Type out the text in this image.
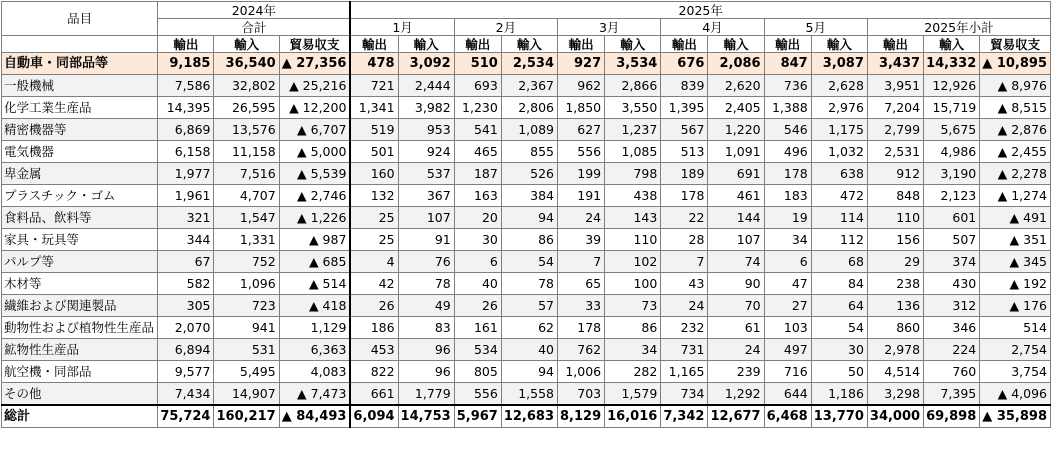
品目	2024年			2025年												
	合計			1月		2月		3月		4月		5月		2025年小計		
	輸出	輸入	貿易収支	輸出	輸入	輸出	輸入	輸出	輸入	輸出	輸入	輸出	輸入	輸出	輸入	貿易収支
自動車・同部品等	9,185	36,540	▲ 27,356	478	3,092	510	2,534	927	3,534	676	2,086	847	3,087	3,437	14,332	▲ 10,895
一般機械	7,586	32,802	▲ 25,216	721	2,444	693	2,367	962	2,866	839	2,620	736	2,628	3,951	12,926	▲ 8,976
化学工業生産品	14,395	26,595	▲ 12,200	1,341	3,982	1,230	2,806	1,850	3,550	1,395	2,405	1,388	2,976	7,204	15,719	▲ 8,515
精密機器等	6,869	13,576	▲ 6,707	519	953	541	1,089	627	1,237	567	1,220	546	1,175	2,799	5,675	▲ 2,876
電気機器	6,158	11,158	▲ 5,000	501	924	465	855	556	1,085	513	1,091	496	1,032	2,531	4,986	▲ 2,455
卑金属	1,977	7,516	▲ 5,539	160	537	187	526	199	798	189	691	178	638	912	3,190	▲ 2,278
プラスチック・ゴム	1,961	4,707	▲ 2,746	132	367	163	384	191	438	178	461	183	472	848	2,123	▲ 1,274
食料品、飲料等	321	1,547	▲ 1,226	25	107	20	94	24	143	22	144	19	114	110	601	▲ 491
家具・玩具等	344	1,331	▲ 987	25	91	30	86	39	110	28	107	34	112	156	507	▲ 351
パルプ等	67	752	▲ 685	4	76	6	54	7	102	7	74	6	68	29	374	▲ 345
木材等	582	1,096	▲ 514	42	78	40	78	65	100	43	90	47	84	238	430	▲ 192
繊維および関連製品	305	723	▲ 418	26	49	26	57	33	73	24	70	27	64	136	312	▲ 176
動物性および植物性生産品	2,070	941	1,129	186	83	161	62	178	86	232	61	103	54	860	346	514
鉱物性生産品	6,894	531	6,363	453	96	534	40	762	34	731	24	497	30	2,978	224	2,754
航空機・同部品	9,577	5,495	4,083	822	96	805	94	1,006	282	1,165	239	716	50	4,514	760	3,754
その他	7,434	14,907	▲ 7,473	661	1,779	556	1,558	703	1,579	734	1,292	644	1,186	3,298	7,395	▲ 4,096
総計	75,724	160,217	▲ 84,493	6,094	14,753	5,967	12,683	8,129	16,016	7,342	12,677	6,468	13,770	34,000	69,898	▲ 35,898
